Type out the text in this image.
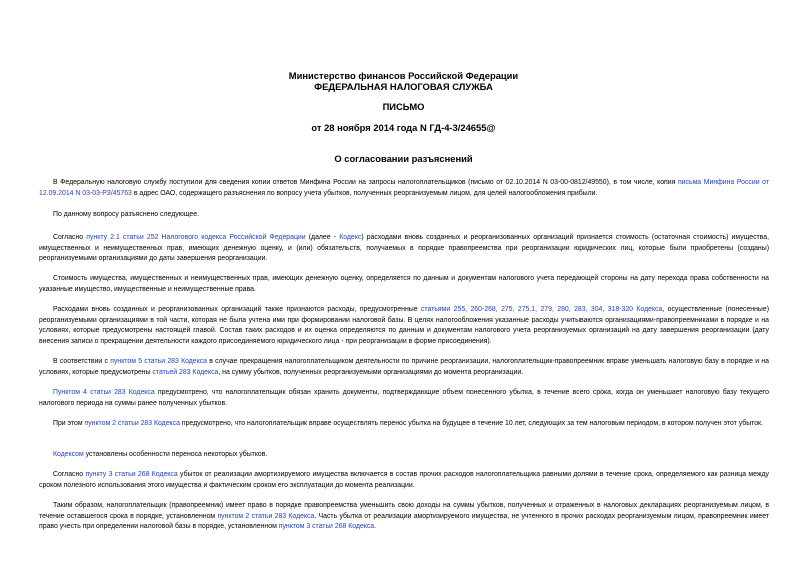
Министерство финансов Российской Федерации
ФЕДЕРАЛЬНАЯ НАЛОГОВАЯ СЛУЖБА
ПИСЬМО
от 28 ноября 2014 года N ГД-4-3/24655@
О согласовании разъяснений

В Федеральную налоговую службу поступили для сведения копии ответов Минфина России на запросы налогоплательщиков (письмо от 02.10.2014 N 03-00-0812/49550), в том числе, копия письма Минфина России от 12.09.2014 N 03-03-РЗ/45763 в адрес ОАО, содержащего разъяснения по вопросу учета убытков, полученных реорганизуемым лицом, для целей налогообложения прибыли.

По данному вопросу разъяснено следующее.

Согласно пункту 2.1 статьи 252 Налогового кодекса Российской Федерации (далее - Кодекс) расходами вновь созданных и реорганизованных организаций признается стоимость (остаточная стоимость) имущества, имущественных и неимущественных прав, имеющих денежную оценку, и (или) обязательств, получаемых в порядке правопреемства при реорганизации юридических лиц, которые были приобретены (созданы) реорганизуемыми организациями до даты завершения реорганизации.

Стоимость имущества, имущественных и неимущественных прав, имеющих денежную оценку, определяется по данным и документам налогового учета передающей стороны на дату перехода права собственности на указанные имущество, имущественные и неимущественные права.

Расходами вновь созданных и реорганизованных организаций также признаются расходы, предусмотренные статьями 255, 260-268, 275, 275.1, 279, 280, 283, 304, 318-320 Кодекса, осуществленные (понесенные) реорганизуемыми организациями в той части, которая не была учтена ими при формировании налоговой базы. В целях налогообложения указанные расходы учитываются организациями-правопреемниками в порядке и на условиях, которые предусмотрены настоящей главой. Состав таких расходов и их оценка определяются по данным и документам налогового учета реорганизуемых организаций на дату завершения реорганизации (дату внесения записи о прекращении деятельности каждого присоединяемого юридического лица - при реорганизации в форме присоединения).

В соответствии с пунктом 5 статьи 283 Кодекса в случае прекращения налогоплательщиком деятельности по причине реорганизации, налогоплательщик-правопреемник вправе уменьшать налоговую базу в порядке и на условиях, которые предусмотрены статьей 283 Кодекса, на сумму убытков, полученных реорганизуемыми организациями до момента реорганизации.

Пунктом 4 статьи 283 Кодекса предусмотрено, что налогоплательщик обязан хранить документы, подтверждающие объем понесенного убытка, в течение всего срока, когда он уменьшает налоговую базу текущего налогового периода на суммы ранее полученных убытков.

При этом пунктом 2 статьи 283 Кодекса предусмотрено, что налогоплательщик вправе осуществлять перенос убытка на будущее в течение 10 лет, следующих за тем налоговым периодом, в котором получен этот убыток.

Кодексом установлены особенности переноса некоторых убытков.

Согласно пункту 3 статьи 268 Кодекса убыток от реализации амортизируемого имущества включается в состав прочих расходов налогоплательщика равными долями в течение срока, определяемого как разница между сроком полезного использования этого имущества и фактическим сроком его эксплуатации до момента реализации.

Таким образом, налогоплательщик (правопреемник) имеет право в порядке правопреемства уменьшить свою доходы на суммы убытков, полученных и отраженных в налоговых декларациях реорганизуемым лицом, в течение оставшегося срока в порядке, установленном пунктом 2 статьи 283 Кодекса. Часть убытка от реализации амортизируемого имущества, не учтенного в прочих расходах реорганизуемым лицом, правопреемник имеет право учесть при определении налоговой базы в порядке, установленном пунктом 3 статьи 268 Кодекса.
